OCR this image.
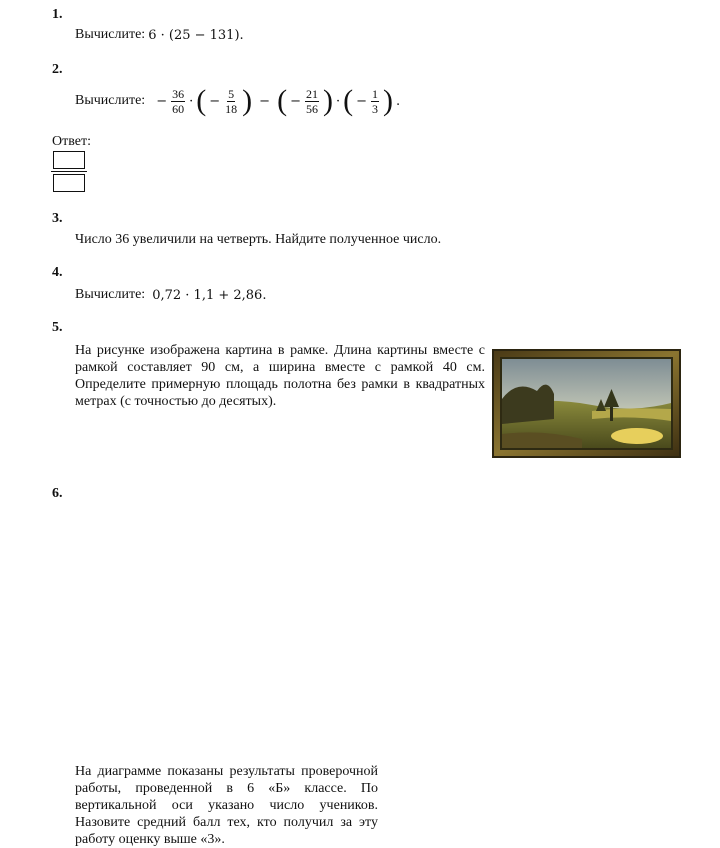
1.
Вычислите: 6 · (25 − 131).
2.
Вычислите: − $\frac{36}{60}$ · ( − $\frac{5}{18}$ ) − ( − $\frac{21}{56}$ ) · ( − $\frac{1}{3}$ ) .
Ответ:
3.
Число 36 увеличили на четверть. Найдите полученное число.
4.
Вычислите: 0,72 · 1,1 + 2,86.
5.
На рисунке изображена картина в рамке. Длина картины вместе с рамкой составляет 90 см, а ширина вместе с рамкой 40 см. Определите примерную площадь полотна без рамки в квадратных метрах (с точностью до десятых).
6.
На диаграмме показаны результаты проверочной работы, проведенной в 6 «Б» классе. По вертикальной оси указано число учеников. Назовите средний балл тех, кто получил за эту работу оценку выше «3».
